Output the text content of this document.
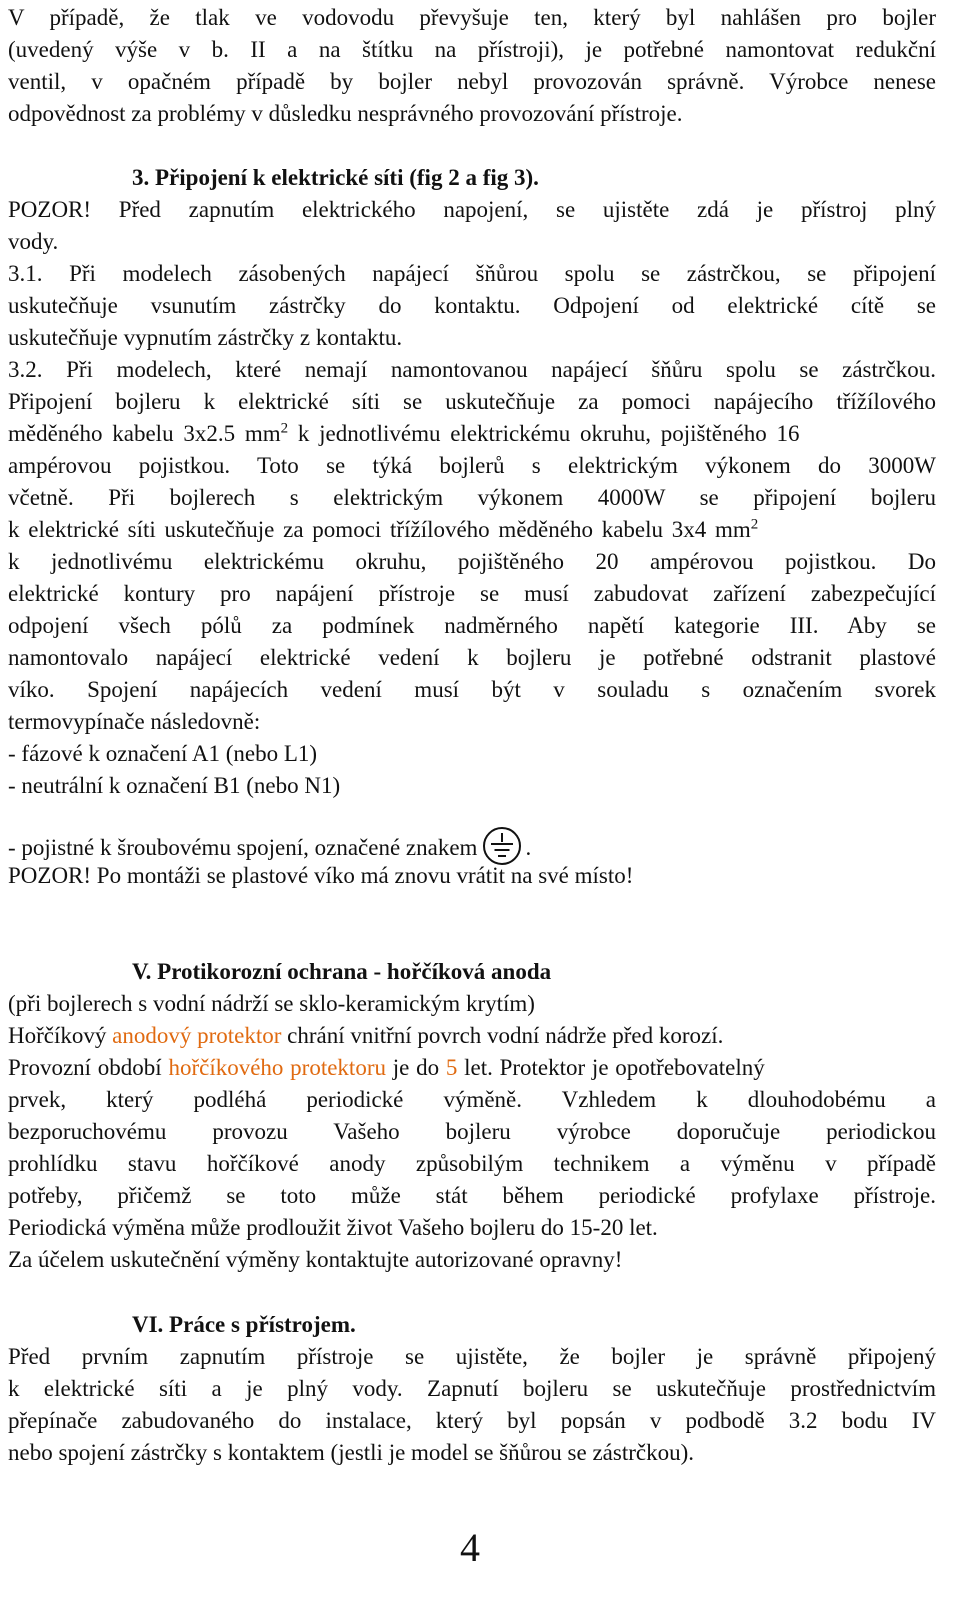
V případě, že tlak ve vodovodu převyšuje ten, který byl nahlášen pro bojler
(uvedený výše v b. II a na štítku na přístroji), je potřebné namontovat redukční
ventil, v opačném případě by bojler nebyl provozován správně. Výrobce nenese
odpovědnost za problémy v důsledku nesprávného provozování přístroje.
3. Připojení k elektrické síti (fig 2 a fig 3).
POZOR! Před zapnutím elektrického napojení, se ujistěte zdá je přístroj plný
vody.
3.1. Při modelech zásobených napájecí šňůrou spolu se zástrčkou, se připojení
uskutečňuje vsunutím zástrčky do kontaktu. Odpojení od elektrické cítě se
uskutečňuje vypnutím zástrčky z kontaktu.
3.2. Při modelech, které nemají namontovanou napájecí šňůru spolu se zástrčkou.
Připojení bojleru k elektrické síti se uskutečňuje za pomoci napájecího třížílového
měděného kabelu 3x2.5 $mm^2$ k jednotlivému elektrickému okruhu, pojištěného 16
ampérovou pojistkou. Toto se týká bojlerů s elektrickým výkonem do 3000W
včetně. Při bojlerech s elektrickým výkonem 4000W se připojení bojleru
k elektrické síti uskutečňuje za pomoci třížílového měděného kabelu 3x4 $mm^2$
k jednotlivému elektrickému okruhu, pojištěného 20 ampérovou pojistkou. Do
elektrické kontury pro napájení přístroje se musí zabudovat zařízení zabezpečující
odpojení všech pólů za podmínek nadměrného napětí kategorie III. Aby se
namontovalo napájecí elektrické vedení k bojleru je potřebné odstranit plastové
víko. Spojení napájecích vedení musí být v souladu s označením svorek
termovypínače následovně:
- fázové k označení A1 (nebo L1)
- neutrální k označení B1 (nebo N1)
- pojistné k šroubovému spojení, označené znakem .
POZOR! Po montáži se plastové víko má znovu vrátit na své místo!
V. Protikorozní ochrana - hořčíková anoda
(při bojlerech s vodní nádrží se sklo-keramickým krytím)
Hořčíkový anodový protektor chrání vnitřní povrch vodní nádrže před korozí.
Provozní období hořčíkového protektoru je do 5 let. Protektor je opotřebovatelný
prvek, který podléhá periodické výměně. Vzhledem k dlouhodobému a
bezporuchovému provozu Vašeho bojleru výrobce doporučuje periodickou
prohlídku stavu hořčíkové anody způsobilým technikem a výměnu v případě
potřeby, přičemž se toto může stát během periodické profylaxe přístroje.
Periodická výměna může prodloužit život Vašeho bojleru do 15-20 let.
Za účelem uskutečnění výměny kontaktujte autorizované opravny!
VI. Práce s přístrojem.
Před prvním zapnutím přístroje se ujistěte, že bojler je správně připojený
k elektrické síti a je plný vody. Zapnutí bojleru se uskutečňuje prostřednictvím
přepínače zabudovaného do instalace, který byl popsán v podbodě 3.2 bodu IV
nebo spojení zástrčky s kontaktem (jestli je model se šňůrou se zástrčkou).
4
